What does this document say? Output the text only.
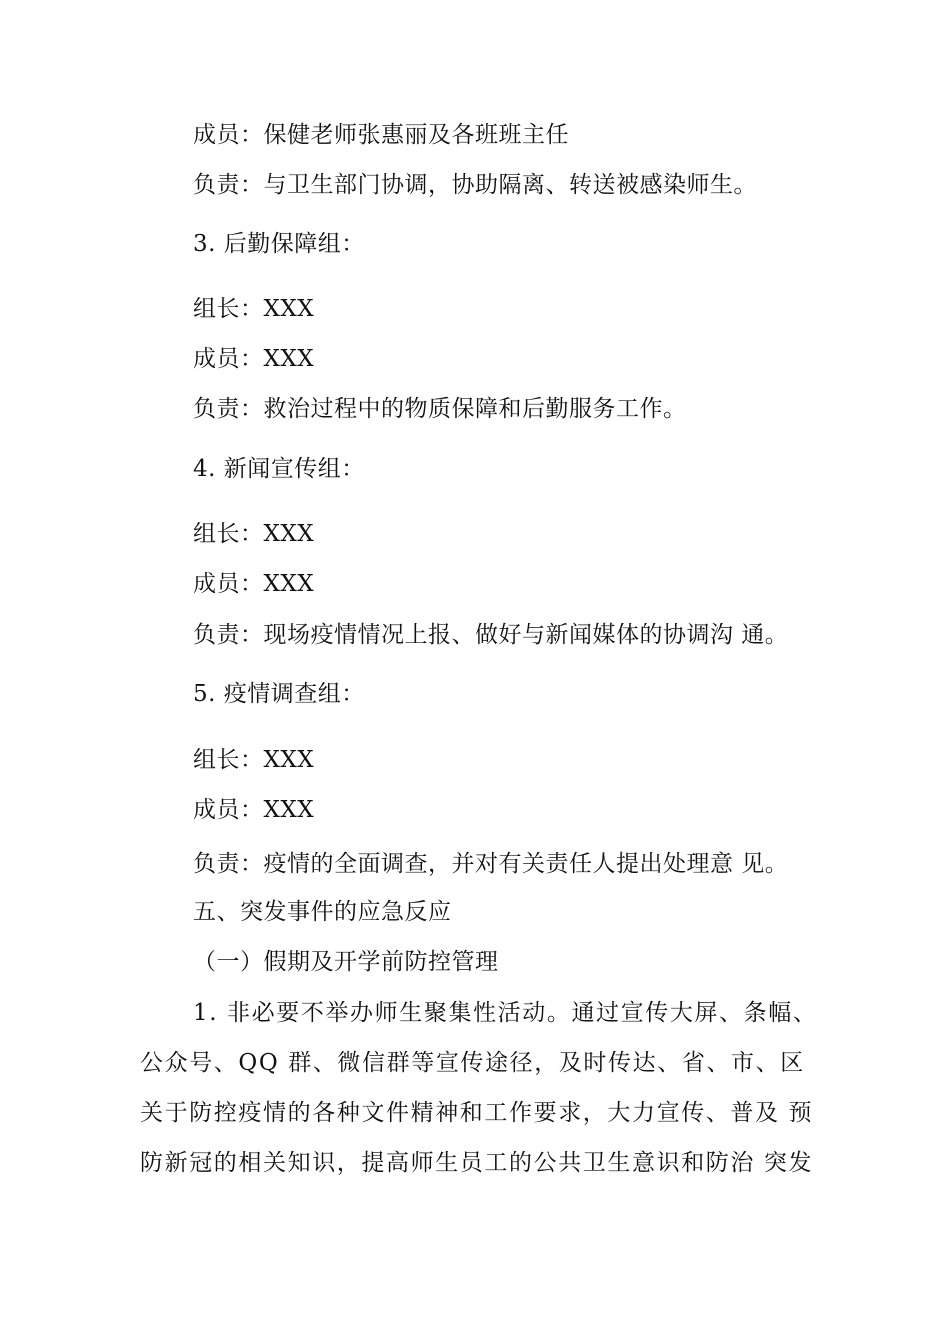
成员：保健老师张惠丽及各班班主任
负责：与卫生部门协调，协助隔离、转送被感染师生。
3. 后勤保障组：
组长：XXX
成员：XXX
负责：救治过程中的物质保障和后勤服务工作。
4. 新闻宣传组：
组长：XXX
成员：XXX
负责：现场疫情情况上报、做好与新闻媒体的协调沟 通。
5. 疫情调查组：
组长：XXX
成员：XXX
负责：疫情的全面调查，并对有关责任人提出处理意 见。
五、突发事件的应急反应
（一）假期及开学前防控管理
1. 非必要不举办师生聚集性活动。通过宣传大屏、条幅、
公众号、QQ 群、微信群等宣传途径，及时传达、省、市、区
关于防控疫情的各种文件精神和工作要求，大力宣传、普及 预
防新冠的相关知识，提高师生员工的公共卫生意识和防治 突发
